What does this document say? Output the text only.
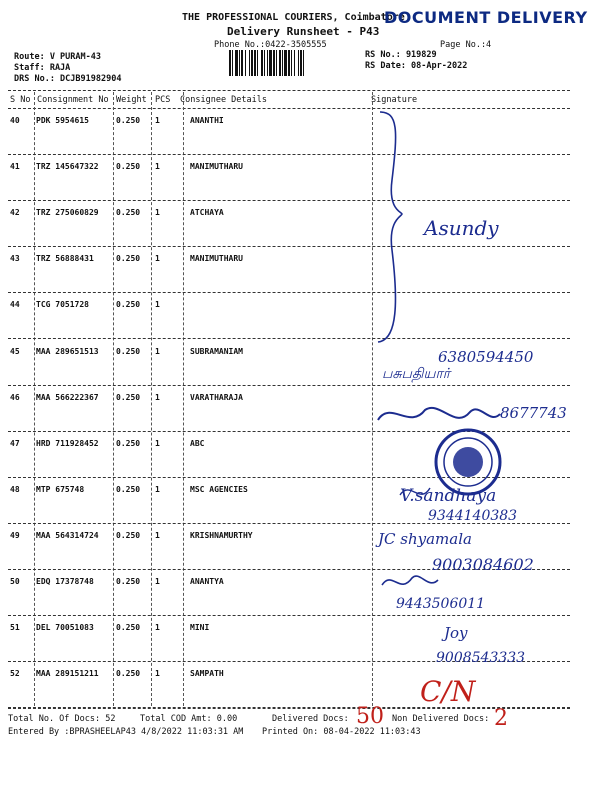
THE PROFESSIONAL COURIERS, Coimbatore
DOCUMENT DELIVERY
Delivery Runsheet - P43
Phone No.:0422-3505555	Page No.:4
Route: V PURAM-43
Staff: RAJA
DRS No.: DCJB91982904
RS No.: 919829
RS Date: 08-Apr-2022
S No Consignment No Weight PCS Consignee Details	Signature
40 PDK 5954615	0.250 1	ANANTHI
41 TRZ 145647322 0.250 1	MANIMUTHARU
42 TRZ 275060829 0.250 1	ATCHAYA
43 TRZ 56888431	0.250 1	MANIMUTHARU
44 TCG 7051728	0.250 1
45 MAA 289651513 0.250 1	SUBRAMANIAM
46 MAA 566222367 0.250 1	VARATHARAJA
47 HRD 711928452 0.250 1	ABC
48 MTP 675748	0.250 1	MSC AGENCIES
49 MAA 564314724 0.250 1	KRISHNAMURTHY
50 EDQ 17378748	0.250 1	ANANTYA
51 DEL 70051083	0.250 1	MINI
52 MAA 289151211 0.250 1	SAMPATH
Asundy
6380594450
பசுபதியார்
8677743
V.sandhaya
9344140383
JC shyamala
9003084602
9443506011
Joy
9008543333
C/N
Total No. Of Docs: 52	Total COD Amt: 0.00	Delivered Docs: 50 Non Delivered Docs: 2
Entered By :BPRASHEELAP43 4/8/2022 11:03:31 AM Printed On: 08-04-2022 11:03:43
